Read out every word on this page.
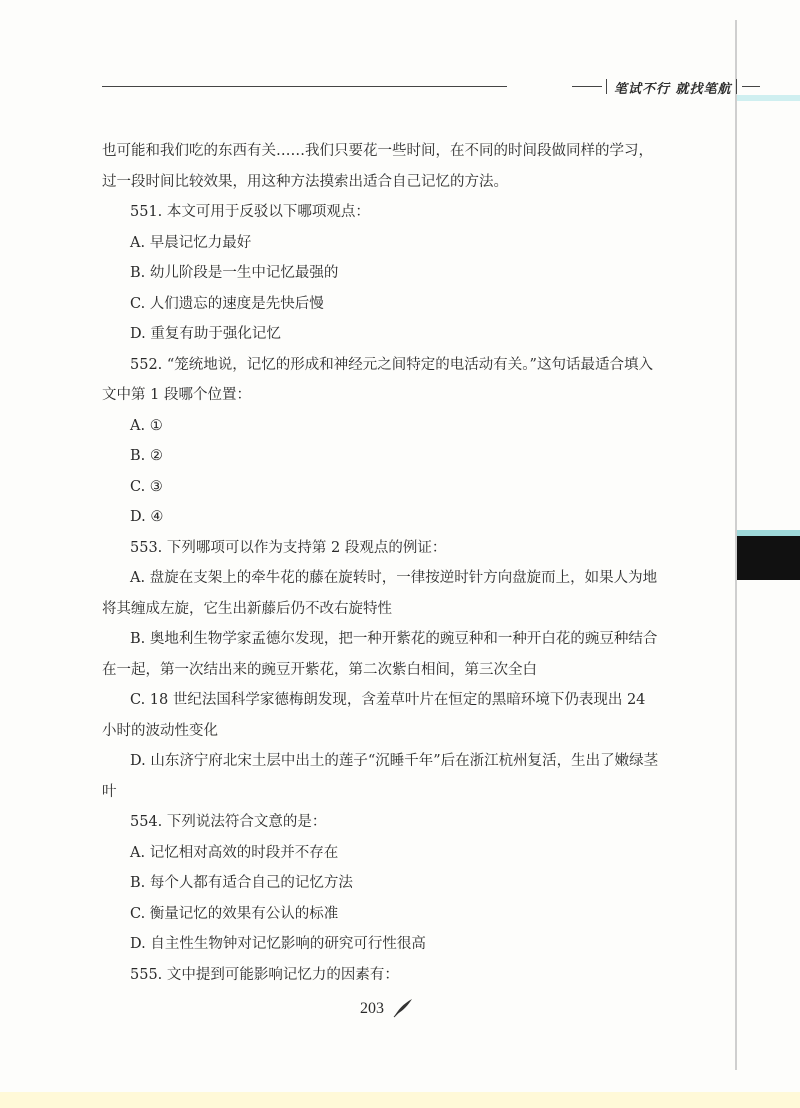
笔试不行 就找笔航

也可能和我们吃的东西有关……我们只要花一些时间，在不同的时间段做同样的学习，过一段时间比较效果，用这种方法摸索出适合自己记忆的方法。

551. 本文可用于反驳以下哪项观点：

A. 早晨记忆力最好

B. 幼儿阶段是一生中记忆最强的

C. 人们遗忘的速度是先快后慢

D. 重复有助于强化记忆

552. “笼统地说，记忆的形成和神经元之间特定的电活动有关。”这句话最适合填入文中第 1 段哪个位置：

A. ①

B. ②

C. ③

D. ④

553. 下列哪项可以作为支持第 2 段观点的例证：

A. 盘旋在支架上的牵牛花的藤在旋转时，一律按逆时针方向盘旋而上，如果人为地将其缠成左旋，它生出新藤后仍不改右旋特性

B. 奥地利生物学家孟德尔发现，把一种开紫花的豌豆种和一种开白花的豌豆种结合在一起，第一次结出来的豌豆开紫花，第二次紫白相间，第三次全白

C. 18 世纪法国科学家德梅朗发现，含羞草叶片在恒定的黑暗环境下仍表现出 24 小时的波动性变化

D. 山东济宁府北宋土层中出土的莲子“沉睡千年”后在浙江杭州复活，生出了嫩绿茎叶

554. 下列说法符合文意的是：

A. 记忆相对高效的时段并不存在

B. 每个人都有适合自己的记忆方法

C. 衡量记忆的效果有公认的标准

D. 自主性生物钟对记忆影响的研究可行性很高

555. 文中提到可能影响记忆力的因素有：

203
